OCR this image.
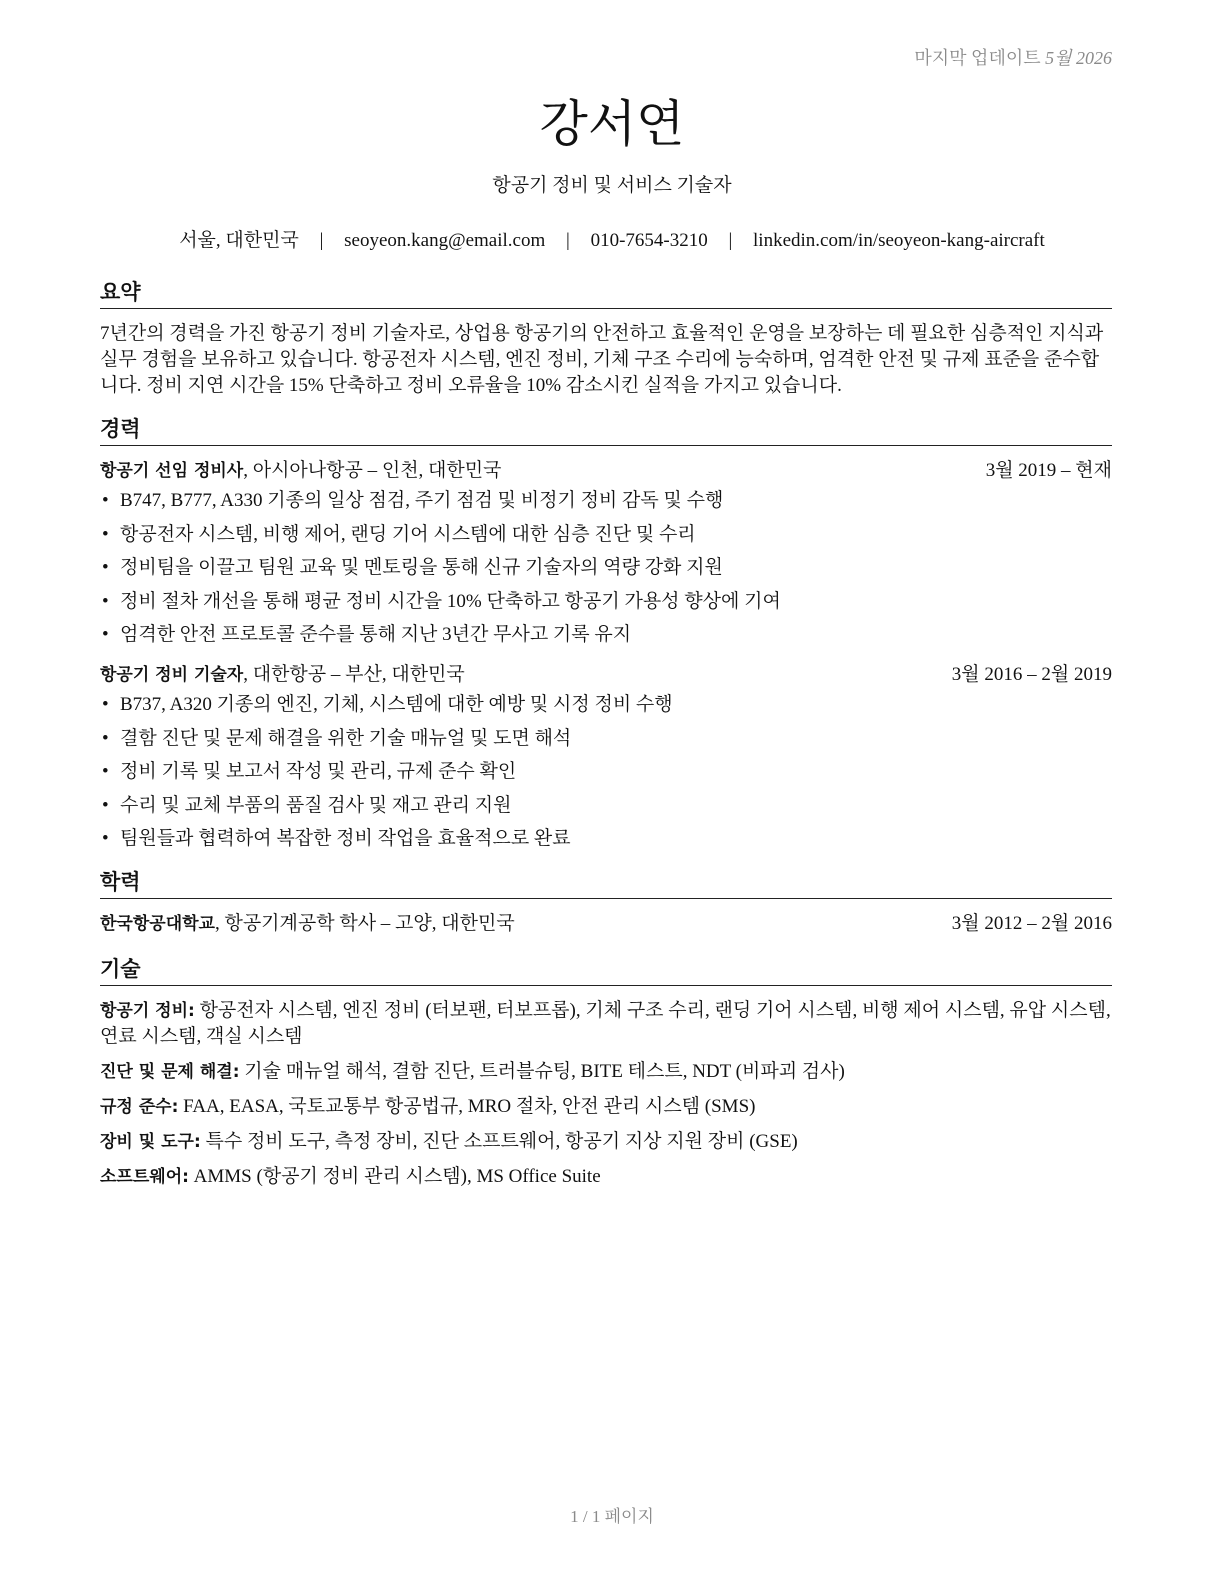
마지막 업데이트 5월 2026
강서연
항공기 정비 및 서비스 기술자
서울, 대한민국 | seoyeon.kang@email.com | 010-7654-3210 | linkedin.com/in/seoyeon-kang-aircraft
요약

7년간의 경력을 가진 항공기 정비 기술자로, 상업용 항공기의 안전하고 효율적인 운영을 보장하는 데 필요한 심층적인 지식과 실무 경험을 보유하고 있습니다. 항공전자 시스템, 엔진 정비, 기체 구조 수리에 능숙하며, 엄격한 안전 및 규제 표준을 준수합니다. 정비 지연 시간을 15% 단축하고 정비 오류율을 10% 감소시킨 실적을 가지고 있습니다.

경력
항공기 선임 정비사, 아시아나항공 – 인천, 대한민국	3월 2019 – 현재
• B747, B777, A330 기종의 일상 점검, 주기 점검 및 비정기 정비 감독 및 수행
• 항공전자 시스템, 비행 제어, 랜딩 기어 시스템에 대한 심층 진단 및 수리
• 정비팀을 이끌고 팀원 교육 및 멘토링을 통해 신규 기술자의 역량 강화 지원
• 정비 절차 개선을 통해 평균 정비 시간을 10% 단축하고 항공기 가용성 향상에 기여
• 엄격한 안전 프로토콜 준수를 통해 지난 3년간 무사고 기록 유지
항공기 정비 기술자, 대한항공 – 부산, 대한민국	3월 2016 – 2월 2019
• B737, A320 기종의 엔진, 기체, 시스템에 대한 예방 및 시정 정비 수행
• 결함 진단 및 문제 해결을 위한 기술 매뉴얼 및 도면 해석
• 정비 기록 및 보고서 작성 및 관리, 규제 준수 확인
• 수리 및 교체 부품의 품질 검사 및 재고 관리 지원
• 팀원들과 협력하여 복잡한 정비 작업을 효율적으로 완료
학력
한국항공대학교, 항공기계공학 학사 – 고양, 대한민국	3월 2012 – 2월 2016
기술
항공기 정비: 항공전자 시스템, 엔진 정비 (터보팬, 터보프롭), 기체 구조 수리, 랜딩 기어 시스템, 비행 제어 시스템, 유압 시스템, 연료 시스템, 객실 시스템
진단 및 문제 해결: 기술 매뉴얼 해석, 결함 진단, 트러블슈팅, BITE 테스트, NDT (비파괴 검사)
규정 준수: FAA, EASA, 국토교통부 항공법규, MRO 절차, 안전 관리 시스템 (SMS)
장비 및 도구: 특수 정비 도구, 측정 장비, 진단 소프트웨어, 항공기 지상 지원 장비 (GSE)
소프트웨어: AMMS (항공기 정비 관리 시스템), MS Office Suite
1 / 1 페이지
